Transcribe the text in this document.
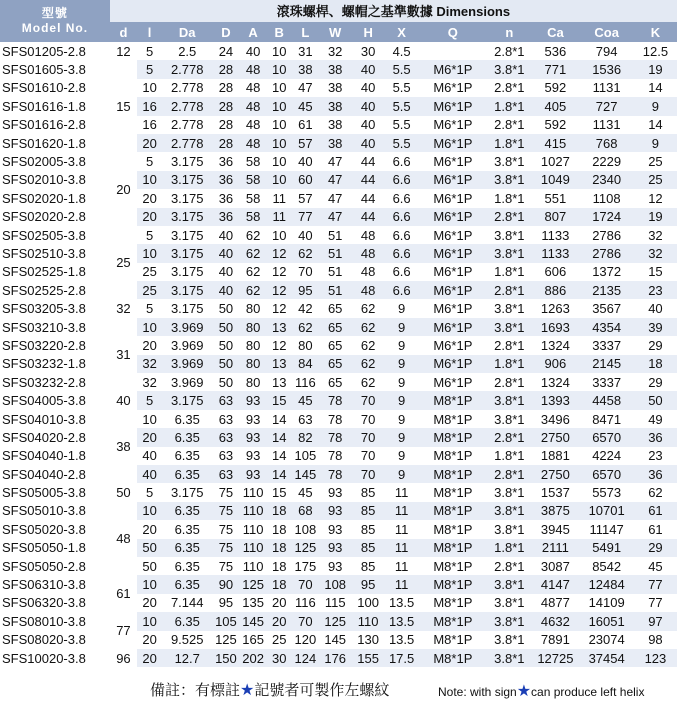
型號
Model No.	滾珠螺桿、螺帽之基準數據 Dimensions														
	d	l	Da	D	A	B	L	W	H	X	Q	n	Ca	Coa	K
SFS01205-2.8	12	5	2.5	24	40	10	31	32	30	4.5		2.8*1	536	794	12.5
SFS01605-3.8	15	5	2.778	28	48	10	38	38	40	5.5	M6*1P	3.8*1	771	1536	19
SFS01610-2.8		10	2.778	28	48	10	47	38	40	5.5	M6*1P	2.8*1	592	1131	14
SFS01616-1.8		16	2.778	28	48	10	45	38	40	5.5	M6*1P	1.8*1	405	727	9
SFS01616-2.8		16	2.778	28	48	10	61	38	40	5.5	M6*1P	2.8*1	592	1131	14
SFS01620-1.8		20	2.778	28	48	10	57	38	40	5.5	M6*1P	1.8*1	415	768	9
SFS02005-3.8	20	5	3.175	36	58	10	40	47	44	6.6	M6*1P	3.8*1	1027	2229	25
SFS02010-3.8		10	3.175	36	58	10	60	47	44	6.6	M6*1P	3.8*1	1049	2340	25
SFS02020-1.8		20	3.175	36	58	11	57	47	44	6.6	M6*1P	1.8*1	551	1108	12
SFS02020-2.8		20	3.175	36	58	11	77	47	44	6.6	M6*1P	2.8*1	807	1724	19
SFS02505-3.8	25	5	3.175	40	62	10	40	51	48	6.6	M6*1P	3.8*1	1133	2786	32
SFS02510-3.8		10	3.175	40	62	12	62	51	48	6.6	M6*1P	3.8*1	1133	2786	32
SFS02525-1.8		25	3.175	40	62	12	70	51	48	6.6	M6*1P	1.8*1	606	1372	15
SFS02525-2.8		25	3.175	40	62	12	95	51	48	6.6	M6*1P	2.8*1	886	2135	23
SFS03205-3.8	32	5	3.175	50	80	12	42	65	62	9	M6*1P	3.8*1	1263	3567	40
SFS03210-3.8	31	10	3.969	50	80	13	62	65	62	9	M6*1P	3.8*1	1693	4354	39
SFS03220-2.8		20	3.969	50	80	12	80	65	62	9	M6*1P	2.8*1	1324	3337	29
SFS03232-1.8		32	3.969	50	80	13	84	65	62	9	M6*1P	1.8*1	906	2145	18
SFS03232-2.8		32	3.969	50	80	13	116	65	62	9	M6*1P	2.8*1	1324	3337	29
SFS04005-3.8	40	5	3.175	63	93	15	45	78	70	9	M8*1P	3.8*1	1393	4458	50
SFS04010-3.8	38	10	6.35	63	93	14	63	78	70	9	M8*1P	3.8*1	3496	8471	49
SFS04020-2.8		20	6.35	63	93	14	82	78	70	9	M8*1P	2.8*1	2750	6570	36
SFS04040-1.8		40	6.35	63	93	14	105	78	70	9	M8*1P	1.8*1	1881	4224	23
SFS04040-2.8		40	6.35	63	93	14	145	78	70	9	M8*1P	2.8*1	2750	6570	36
SFS05005-3.8	50	5	3.175	75	110	15	45	93	85	11	M8*1P	3.8*1	1537	5573	62
SFS05010-3.8	48	10	6.35	75	110	18	68	93	85	11	M8*1P	3.8*1	3875	10701	61
SFS05020-3.8		20	6.35	75	110	18	108	93	85	11	M8*1P	3.8*1	3945	11147	61
SFS05050-1.8		50	6.35	75	110	18	125	93	85	11	M8*1P	1.8*1	2111	5491	29
SFS05050-2.8		50	6.35	75	110	18	175	93	85	11	M8*1P	2.8*1	3087	8542	45
SFS06310-3.8	61	10	6.35	90	125	18	70	108	95	11	M8*1P	3.8*1	4147	12484	77
SFS06320-3.8		20	7.144	95	135	20	116	115	100	13.5	M8*1P	3.8*1	4877	14109	77
SFS08010-3.8	77	10	6.35	105	145	20	70	125	110	13.5	M8*1P	3.8*1	4632	16051	97
SFS08020-3.8		20	9.525	125	165	25	120	145	130	13.5	M8*1P	3.8*1	7891	23074	98
SFS10020-3.8	96	20	12.7	150	202	30	124	176	155	17.5	M8*1P	3.8*1	12725	37454	123
備註：有標註★記號者可製作左螺紋	Note: with sign★can produce left helix
